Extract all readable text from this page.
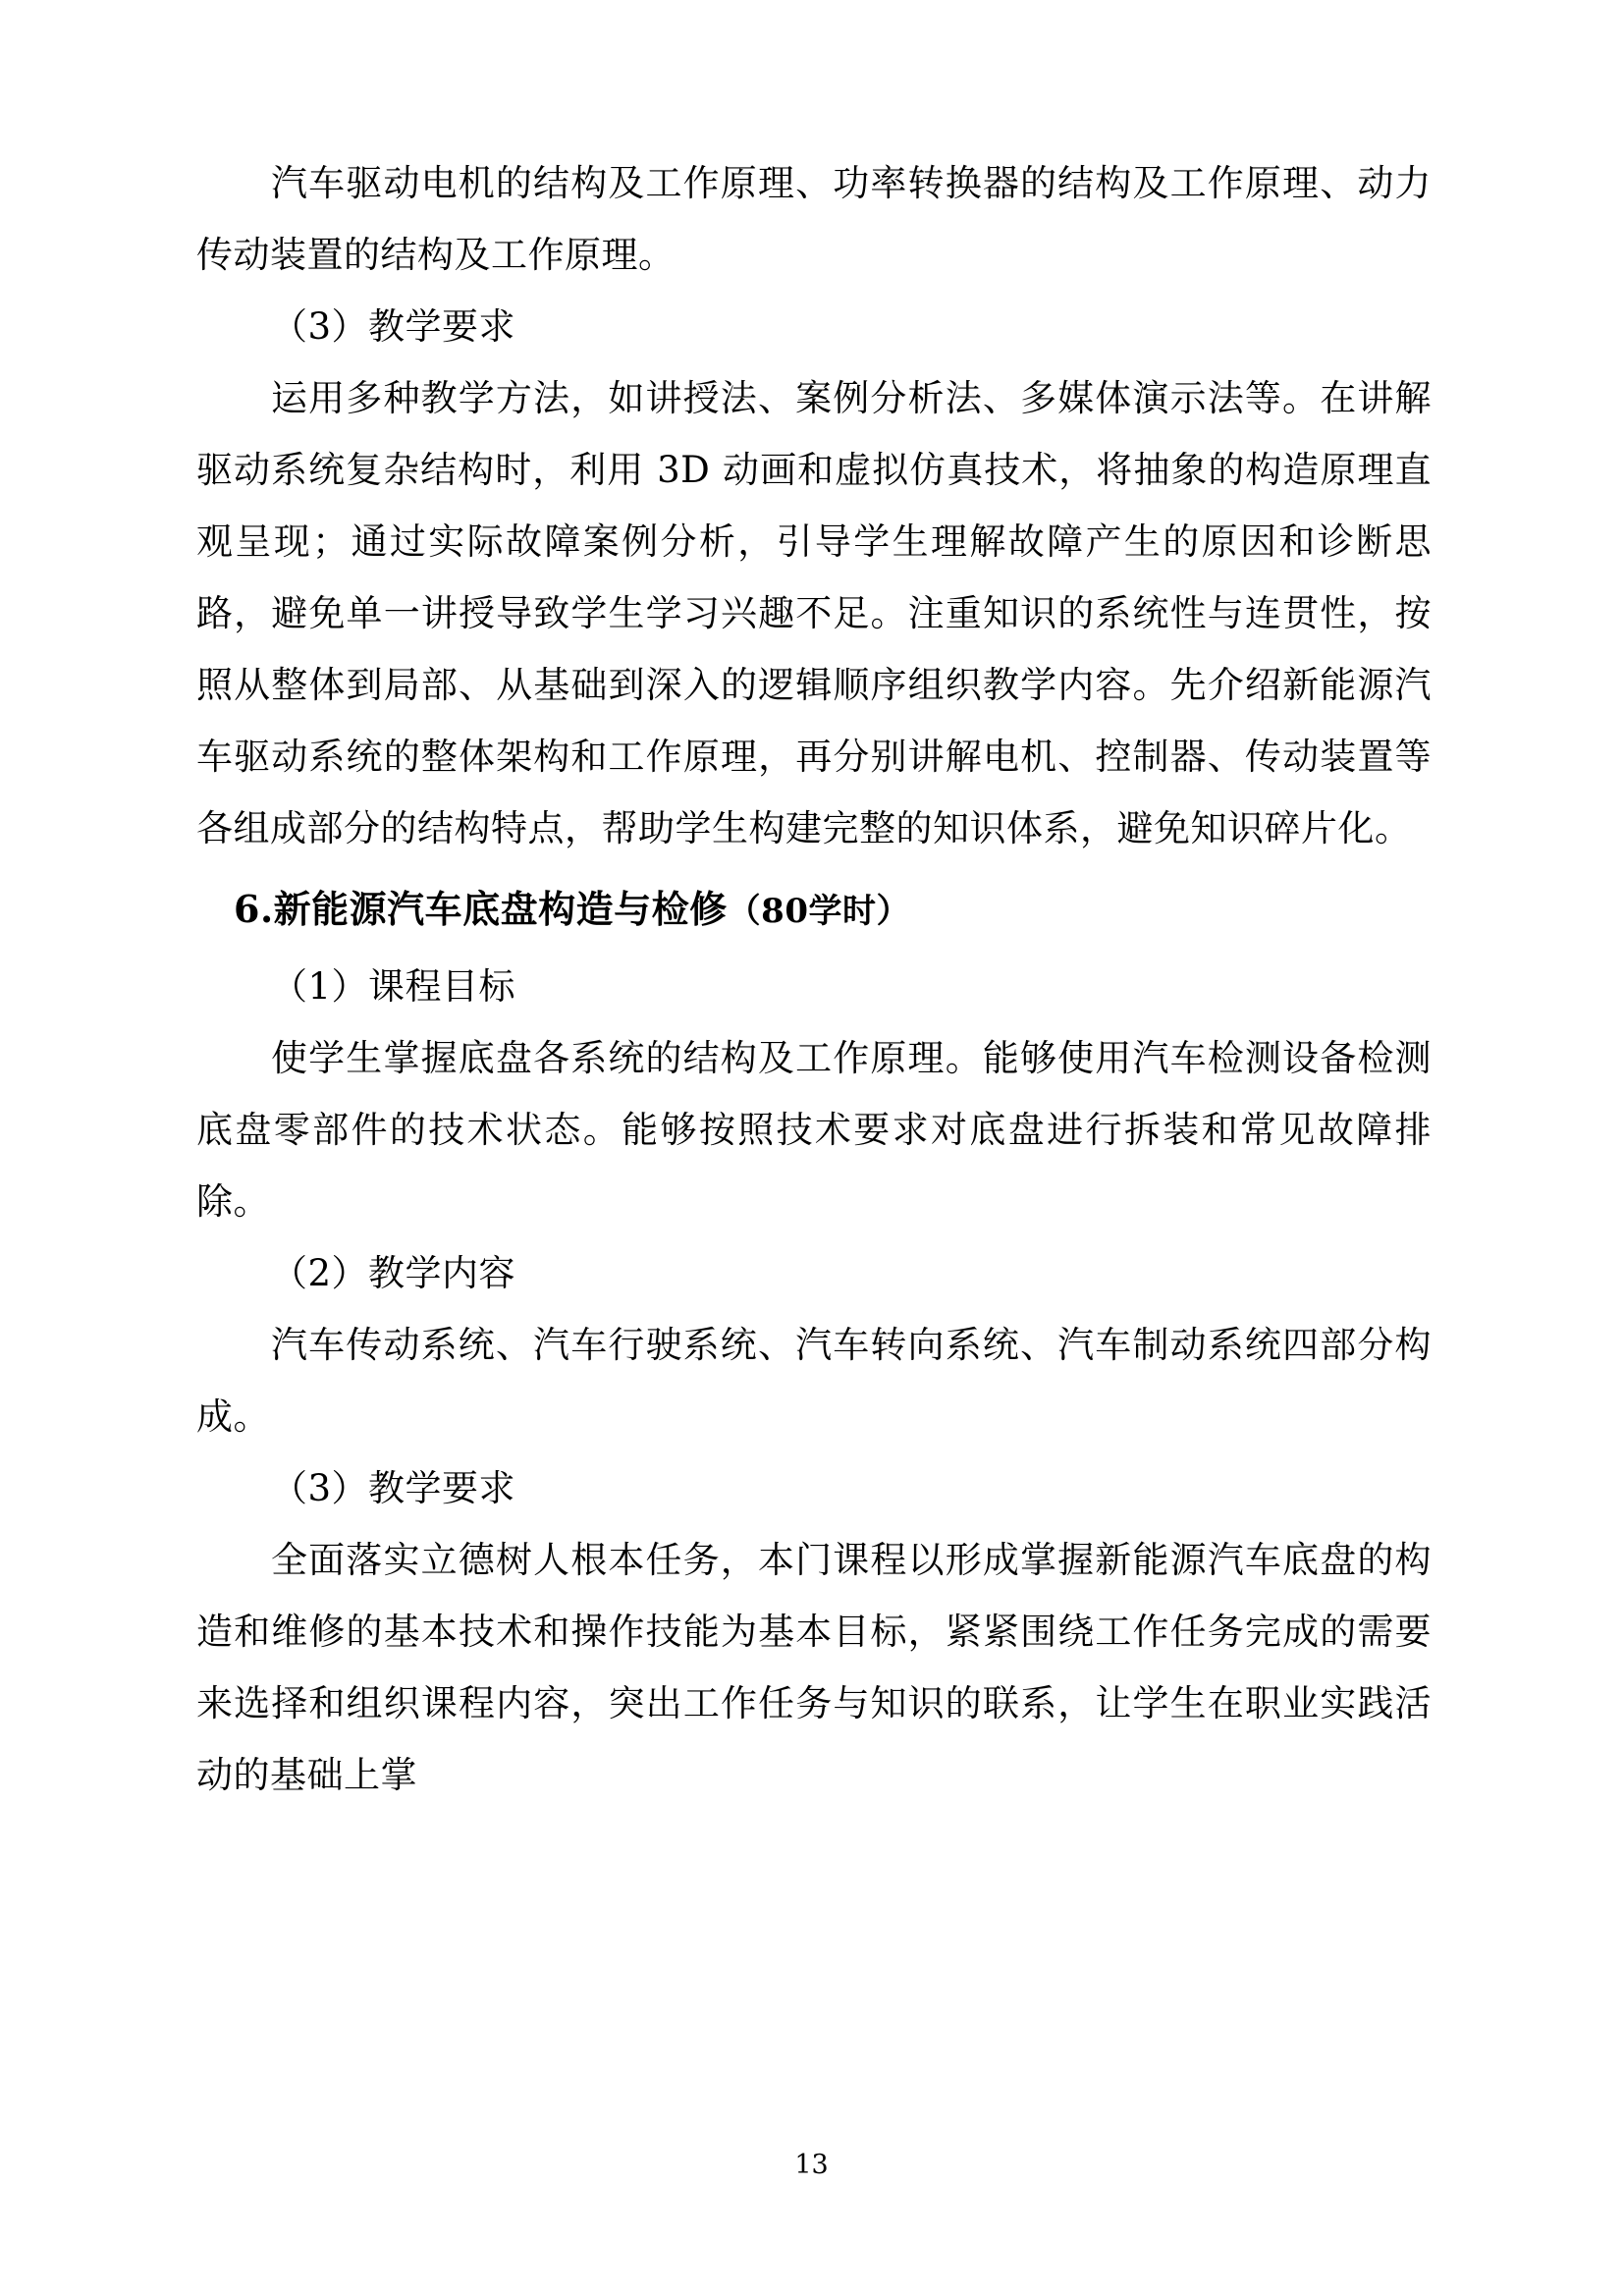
汽车驱动电机的结构及工作原理、功率转换器的结构及工作原理、动力传动装置的结构及工作原理。

（3）教学要求

运用多种教学方法，如讲授法、案例分析法、多媒体演示法等。在讲解驱动系统复杂结构时，利用 3D 动画和虚拟仿真技术，将抽象的构造原理直观呈现；通过实际故障案例分析，引导学生理解故障产生的原因和诊断思路，避免单一讲授导致学生学习兴趣不足。注重知识的系统性与连贯性，按照从整体到局部、从基础到深入的逻辑顺序组织教学内容。先介绍新能源汽车驱动系统的整体架构和工作原理，再分别讲解电机、控制器、传动装置等各组成部分的结构特点，帮助学生构建完整的知识体系，避免知识碎片化。

6.新能源汽车底盘构造与检修（80学时）

（1）课程目标

使学生掌握底盘各系统的结构及工作原理。能够使用汽车检测设备检测底盘零部件的技术状态。能够按照技术要求对底盘进行拆装和常见故障排除。

（2）教学内容

汽车传动系统、汽车行驶系统、汽车转向系统、汽车制动系统四部分构成。

（3）教学要求

全面落实立德树人根本任务，本门课程以形成掌握新能源汽车底盘的构造和维修的基本技术和操作技能为基本目标，紧紧围绕工作任务完成的需要来选择和组织课程内容，突出工作任务与知识的联系，让学生在职业实践活动的基础上掌

13
